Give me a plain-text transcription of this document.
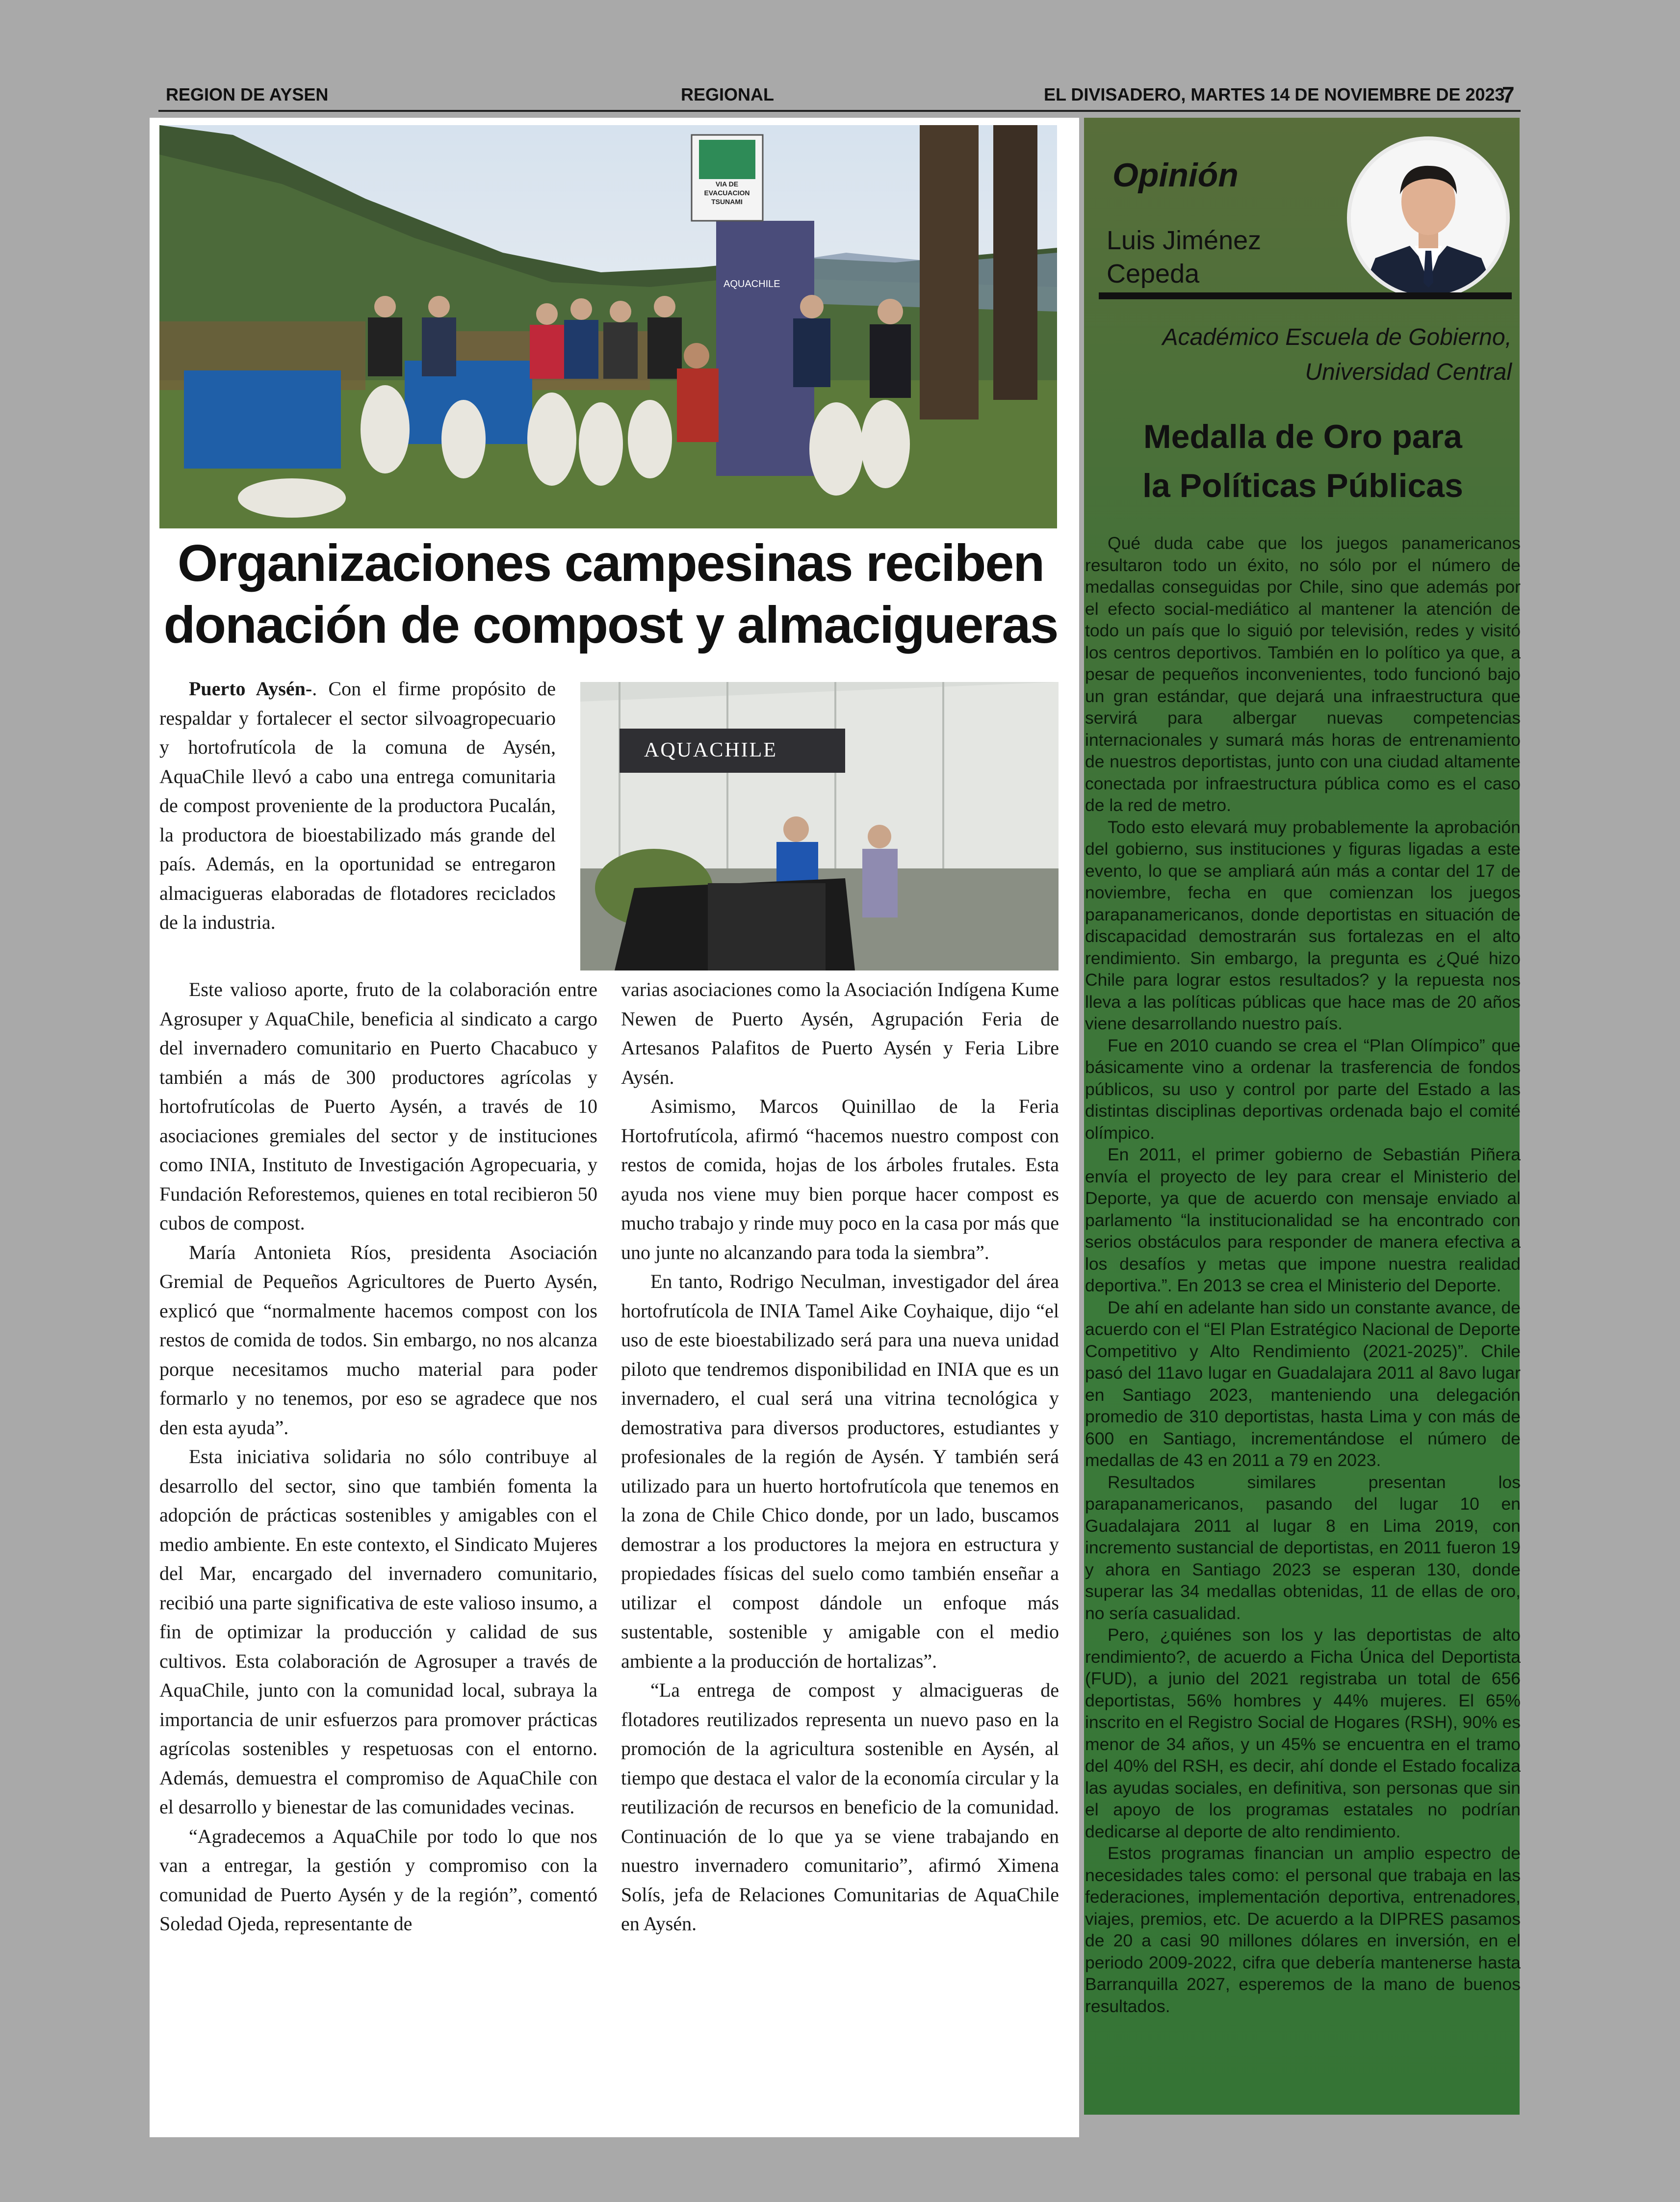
REGION DE AYSEN	REGIONAL	EL DIVISADERO, MARTES 14 DE NOVIEMBRE DE 2023
7
VIA DE
EVACUACION
TSUNAMI
AQUACHILE
Organizaciones campesinas reciben
donación de compost y almacigueras
AQUACHILE

Puerto Aysén-. Con el firme propósito de respaldar y fortalecer el sector silvoagropecuario y hortofrutícola de la comuna de Aysén, AquaChile llevó a cabo una entrega comunitaria de compost proveniente de la productora Pucalán, la productora de bioestabilizado más grande del país. Además, en la oportunidad se entregaron almacigueras elaboradas de flotadores reciclados de la industria.

Este valioso aporte, fruto de la colaboración entre Agrosuper y AquaChile, beneficia al sindicato a cargo del invernadero comunitario en Puerto Chacabuco y también a más de 300 productores agrícolas y hortofrutícolas de Puerto Aysén, a través de 10 asociaciones gremiales del sector y de instituciones como INIA, Instituto de Investigación Agropecuaria, y Fundación Reforestemos, quienes en total recibieron 50 cubos de compost.

María Antonieta Ríos, presidenta Asociación Gremial de Pequeños Agricultores de Puerto Aysén, explicó que “normalmente hacemos compost con los restos de comida de todos. Sin embargo, no nos alcanza porque necesitamos mucho material para poder formarlo y no tenemos, por eso se agradece que nos den esta ayuda”.

Esta iniciativa solidaria no sólo contribuye al desarrollo del sector, sino que también fomenta la adopción de prácticas sostenibles y amigables con el medio ambiente. En este contexto, el Sindicato Mujeres del Mar, encargado del invernadero comunitario, recibió una parte significativa de este valioso insumo, a fin de optimizar la producción y calidad de sus cultivos. Esta colaboración de Agrosuper a través de AquaChile, junto con la comunidad local, subraya la importancia de unir esfuerzos para promover prácticas agrícolas sostenibles y respetuosas con el entorno. Además, demuestra el compromiso de AquaChile con el desarrollo y bienestar de las comunidades vecinas.

“Agradecemos a AquaChile por todo lo que nos van a entregar, la gestión y compromiso con la comunidad de Puerto Aysén y de la región”, comentó Soledad Ojeda, representante de

varias asociaciones como la Asociación Indígena Kume Newen de Puerto Aysén, Agrupación Feria de Artesanos Palafitos de Puerto Aysén y Feria Libre Aysén.

Asimismo, Marcos Quinillao de la Feria Hortofrutícola, afirmó “hacemos nuestro compost con restos de comida, hojas de los árboles frutales. Esta ayuda nos viene muy bien porque hacer compost es mucho trabajo y rinde muy poco en la casa por más que uno junte no alcanzando para toda la siembra”.

En tanto, Rodrigo Neculman, investigador del área hortofrutícola de INIA Tamel Aike Coyhaique, dijo “el uso de este bioestabilizado será para una nueva unidad piloto que tendremos disponibilidad en INIA que es un invernadero, el cual será una vitrina tecnológica y demostrativa para diversos productores, estudiantes y profesionales de la región de Aysén. Y también será utilizado para un huerto hortofrutícola que tenemos en la zona de Chile Chico donde, por un lado, buscamos demostrar a los productores la mejora en estructura y propiedades físicas del suelo como también enseñar a utilizar el compost dándole un enfoque más sustentable, sostenible y amigable con el medio ambiente a la producción de hortalizas”.

“La entrega de compost y almacigueras de flotadores reutilizados representa un nuevo paso en la promoción de la agricultura sostenible en Aysén, al tiempo que destaca el valor de la economía circular y la reutilización de recursos en beneficio de la comunidad. Continuación de lo que ya se viene trabajando en nuestro invernadero comunitario”, afirmó Ximena Solís, jefa de Relaciones Comunitarias de AquaChile en Aysén.

Opinión
Luis Jiménez
Cepeda
Académico Escuela de Gobierno,
Universidad Central
Medalla de Oro para
la Políticas Públicas

Qué duda cabe que los juegos panamericanos resultaron todo un éxito, no sólo por el número de medallas conseguidas por Chile, sino que además por el efecto social-mediático al mantener la atención de todo un país que lo siguió por televisión, redes y visitó los centros deportivos. También en lo político ya que, a pesar de pequeños inconvenientes, todo funcionó bajo un gran estándar, que dejará una infraestructura que servirá para albergar nuevas competencias internacionales y sumará más horas de entrenamiento de nuestros deportistas, junto con una ciudad altamente conectada por infraestructura pública como es el caso de la red de metro.

Todo esto elevará muy probablemente la aprobación del gobierno, sus instituciones y figuras ligadas a este evento, lo que se ampliará aún más a contar del 17 de noviembre, fecha en que comienzan los juegos parapanamericanos, donde deportistas en situación de discapacidad demostrarán sus fortalezas en el alto rendimiento. Sin embargo, la pregunta es ¿Qué hizo Chile para lograr estos resultados? y la repuesta nos lleva a las políticas públicas que hace mas de 20 años viene desarrollando nuestro país.

Fue en 2010 cuando se crea el “Plan Olímpico” que básicamente vino a ordenar la trasferencia de fondos públicos, su uso y control por parte del Estado a las distintas disciplinas deportivas ordenada bajo el comité olímpico.

En 2011, el primer gobierno de Sebastián Piñera envía el proyecto de ley para crear el Ministerio del Deporte, ya que de acuerdo con mensaje enviado al parlamento “la institucionalidad se ha encontrado con serios obstáculos para responder de manera efectiva a los desafíos y metas que impone nuestra realidad deportiva.”. En 2013 se crea el Ministerio del Deporte.

De ahí en adelante han sido un constante avance, de acuerdo con el “El Plan Estratégico Nacional de Deporte Competitivo y Alto Rendimiento (2021-2025)”. Chile pasó del 11avo lugar en Guadalajara 2011 al 8avo lugar en Santiago 2023, manteniendo una delegación promedio de 310 deportistas, hasta Lima y con más de 600 en Santiago, incrementándose el número de medallas de 43 en 2011 a 79 en 2023.

Resultados similares presentan los parapanamericanos, pasando del lugar 10 en Guadalajara 2011 al lugar 8 en Lima 2019, con incremento sustancial de deportistas, en 2011 fueron 19 y ahora en Santiago 2023 se esperan 130, donde superar las 34 medallas obtenidas, 11 de ellas de oro, no sería casualidad.

Pero, ¿quiénes son los y las deportistas de alto rendimiento?, de acuerdo a Ficha Única del Deportista (FUD), a junio del 2021 registraba un total de 656 deportistas, 56% hombres y 44% mujeres. El 65% inscrito en el Registro Social de Hogares (RSH), 90% es menor de 34 años, y un 45% se encuentra en el tramo del 40% del RSH, es decir, ahí donde el Estado focaliza las ayudas sociales, en definitiva, son personas que sin el apoyo de los programas estatales no podrían dedicarse al deporte de alto rendimiento.

Estos programas financian un amplio espectro de necesidades tales como: el personal que trabaja en las federaciones, implementación deportiva, entrenadores, viajes, premios, etc. De acuerdo a la DIPRES pasamos de 20 a casi 90 millones dólares en inversión, en el periodo 2009-2022, cifra que debería mantenerse hasta Barranquilla 2027, esperemos de la mano de buenos resultados.
